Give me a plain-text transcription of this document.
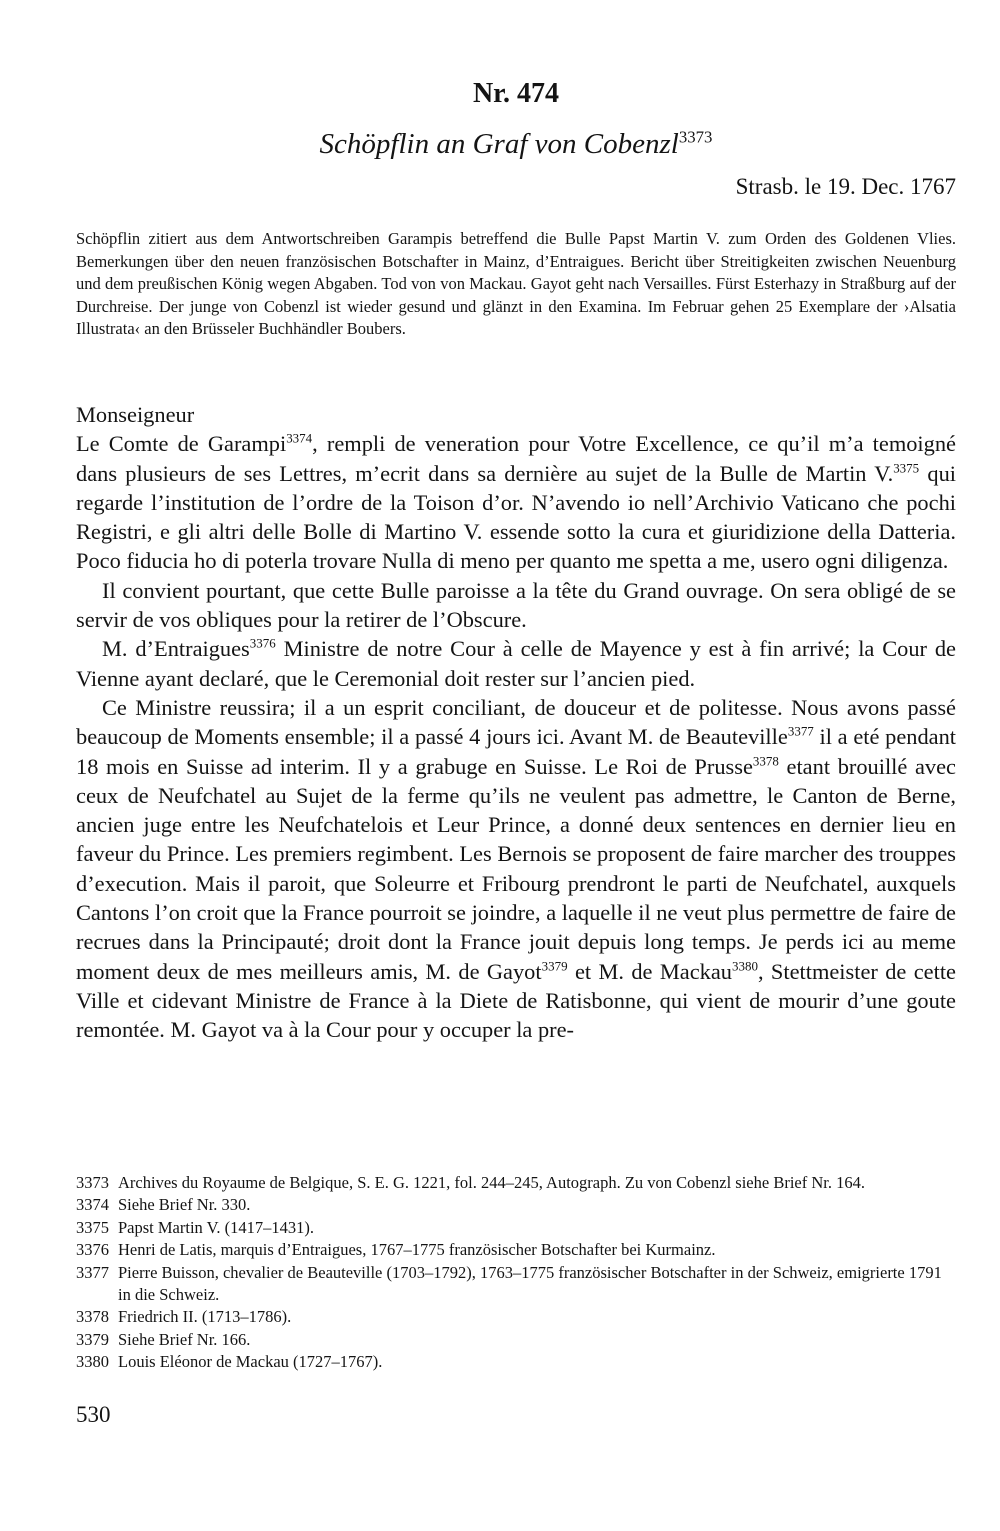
Nr. 474
Schöpflin an Graf von Cobenzl$^{3373}$

Strasb. le 19. Dec. 1767

Schöpflin zitiert aus dem Antwortschreiben Garampis betreffend die Bulle Papst Martin V. zum Orden des Goldenen Vlies. Bemerkungen über den neuen französischen Botschafter in Mainz, d’Entraigues. Bericht über Streitigkeiten zwischen Neuenburg und dem preußischen König wegen Abgaben. Tod von von Mackau. Gayot geht nach Versailles. Fürst Esterhazy in Straßburg auf der Durchreise. Der junge von Cobenzl ist wieder gesund und glänzt in den Examina. Im Februar gehen 25 Exemplare der ›Alsatia Illustrata‹ an den Brüsseler Buchhändler Boubers.

Monseigneur

Le Comte de Garampi$^{3374}$, rempli de veneration pour Votre Excellence, ce qu’il m’a temoigné dans plusieurs de ses Lettres, m’ecrit dans sa dernière au sujet de la Bulle de Martin V.$^{3375}$ qui regarde l’institution de l’ordre de la Toison d’or. N’avendo io nell’Archivio Vaticano che pochi Registri, e gli altri delle Bolle di Martino V. essende sotto la cura et giuridizione della Datteria. Poco fiducia ho di poterla trovare Nulla di meno per quanto me spetta a me, usero ogni diligenza.

Il convient pourtant, que cette Bulle paroisse a la tête du Grand ouvrage. On sera obligé de se servir de vos obliques pour la retirer de l’Obscure.

M. d’Entraigues$^{3376}$ Ministre de notre Cour à celle de Mayence y est à fin arrivé; la Cour de Vienne ayant declaré, que le Ceremonial doit rester sur l’ancien pied.

Ce Ministre reussira; il a un esprit conciliant, de douceur et de politesse. Nous avons passé beaucoup de Moments ensemble; il a passé 4 jours ici. Avant M. de Beauteville$^{3377}$ il a eté pendant 18 mois en Suisse ad interim. Il y a grabuge en Suisse. Le Roi de Prusse$^{3378}$ etant brouillé avec ceux de Neufchatel au Sujet de la ferme qu’ils ne veulent pas admettre, le Canton de Berne, ancien juge entre les Neufchatelois et Leur Prince, a donné deux sentences en dernier lieu en faveur du Prince. Les premiers regimbent. Les Bernois se proposent de faire marcher des trouppes d’execution. Mais il paroit, que Soleurre et Fribourg prendront le parti de Neufchatel, auxquels Cantons l’on croit que la France pourroit se joindre, a laquelle il ne veut plus permettre de faire de recrues dans la Principauté; droit dont la France jouit depuis long temps. Je perds ici au meme moment deux de mes meilleurs amis, M. de Gayot$^{3379}$ et M. de Mackau$^{3380}$, Stettmeister de cette Ville et cidevant Ministre de France à la Diete de Ratisbonne, qui vient de mourir d’une goute remontée. M. Gayot va à la Cour pour y occuper la pre-

3373 Archives du Royaume de Belgique, S. E. G. 1221, fol. 244–245, Autograph. Zu von Cobenzl siehe Brief Nr. 164.
3374 Siehe Brief Nr. 330.
3375 Papst Martin V. (1417–1431).
3376 Henri de Latis, marquis d’Entraigues, 1767–1775 französischer Botschafter bei Kurmainz.
3377 Pierre Buisson, chevalier de Beauteville (1703–1792), 1763–1775 französischer Botschafter in der Schweiz, emigrierte 1791 in die Schweiz.
3378 Friedrich II. (1713–1786).
3379 Siehe Brief Nr. 166.
3380 Louis Eléonor de Mackau (1727–1767).

530
